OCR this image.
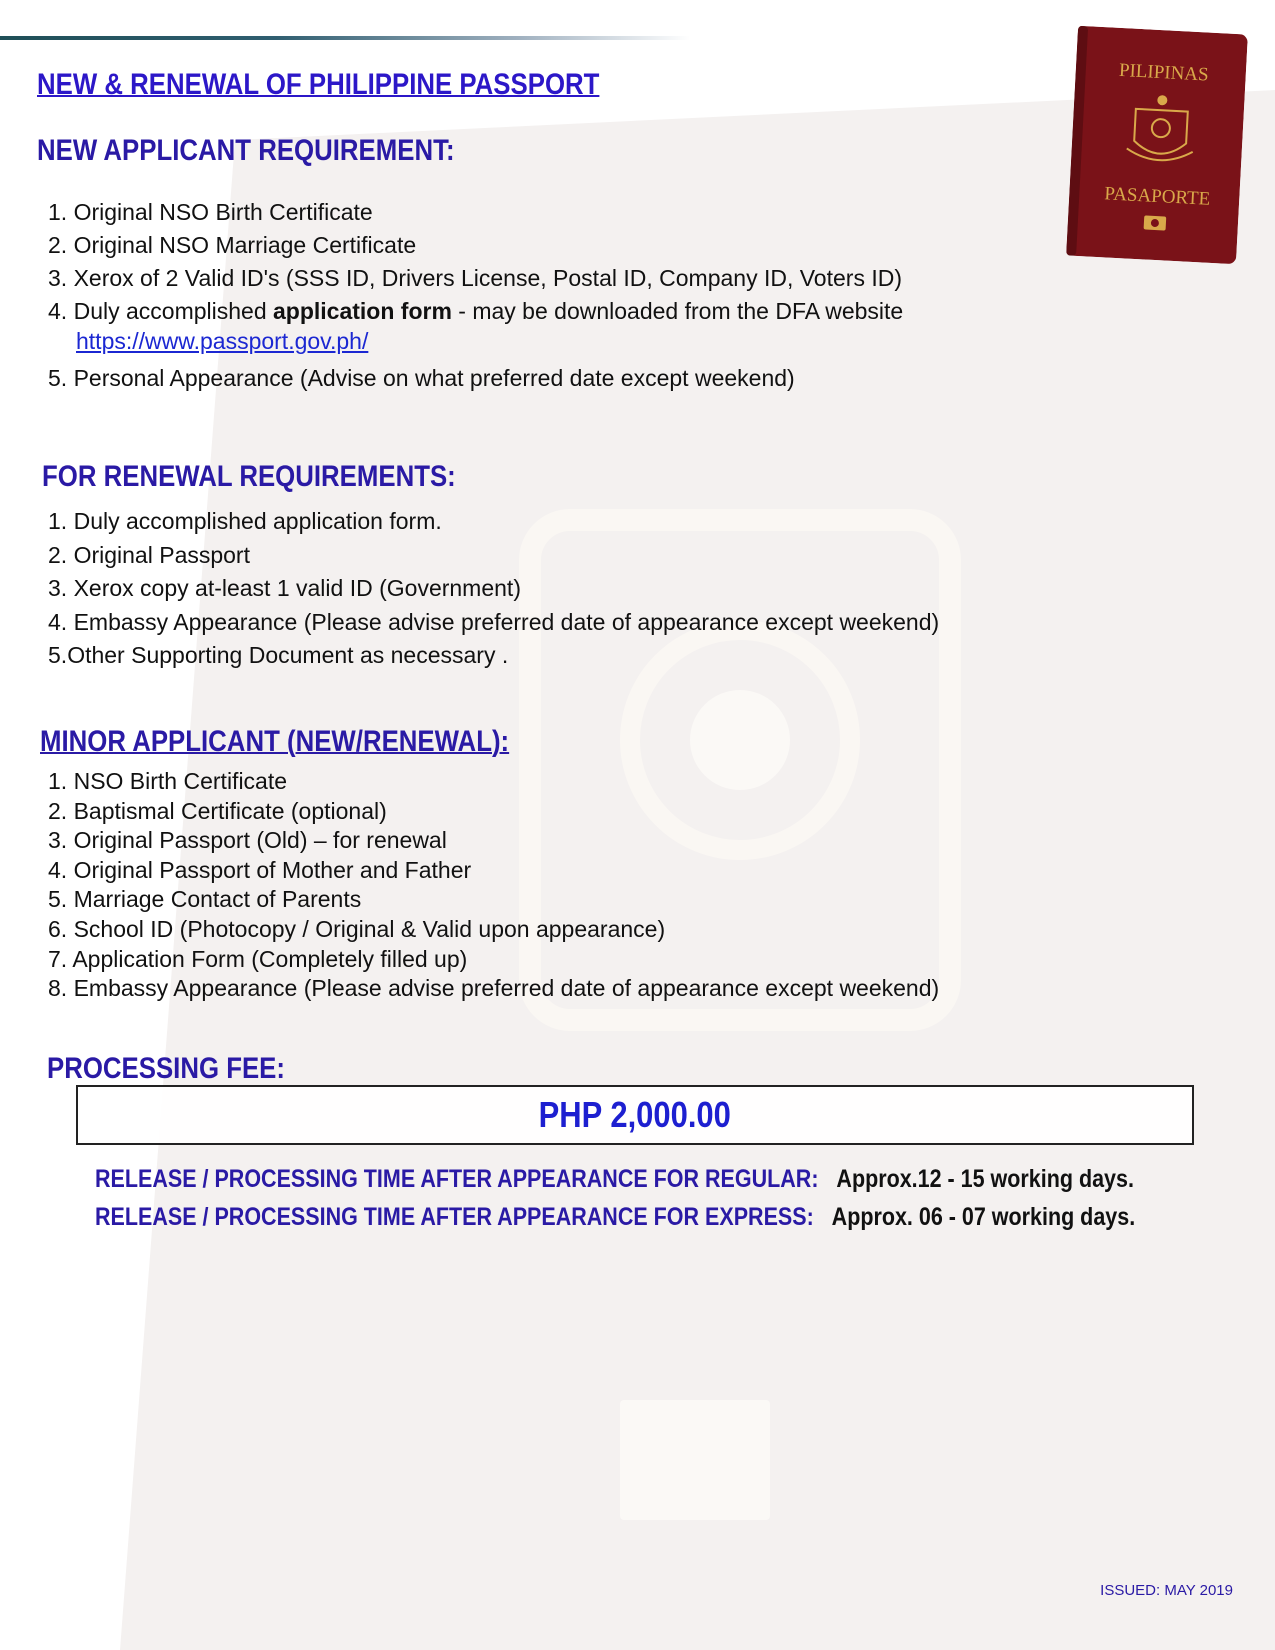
NEW & RENEWAL OF PHILIPPINE PASSPORT
NEW APPLICANT REQUIREMENT:
1. Original NSO Birth Certificate
2. Original NSO Marriage Certificate
3. Xerox of 2 Valid ID's (SSS ID, Drivers License, Postal ID, Company ID, Voters ID)
4. Duly accomplished application form - may be downloaded from the DFA website
https://www.passport.gov.ph/
5. Personal Appearance (Advise on what preferred date except weekend)
FOR RENEWAL REQUIREMENTS:
1. Duly accomplished application form.
2. Original Passport
3. Xerox copy at-least 1 valid ID (Government)
4. Embassy Appearance (Please advise preferred date of appearance except weekend)
5.Other Supporting Document as necessary .
MINOR APPLICANT (NEW/RENEWAL):
1. NSO Birth Certificate
2. Baptismal Certificate (optional)
3. Original Passport (Old) – for renewal
4. Original Passport of Mother and Father
5. Marriage Contact of Parents
6. School ID (Photocopy / Original & Valid upon appearance)
7. Application Form (Completely filled up)
8. Embassy Appearance (Please advise preferred date of appearance except weekend)
PROCESSING FEE:
PHP 2,000.00
RELEASE / PROCESSING TIME AFTER APPEARANCE FOR REGULAR: Approx.12 - 15 working days.
RELEASE / PROCESSING TIME AFTER APPEARANCE FOR EXPRESS: Approx. 06 - 07 working days.
ISSUED: MAY 2019
PILIPINAS
PASAPORTE
